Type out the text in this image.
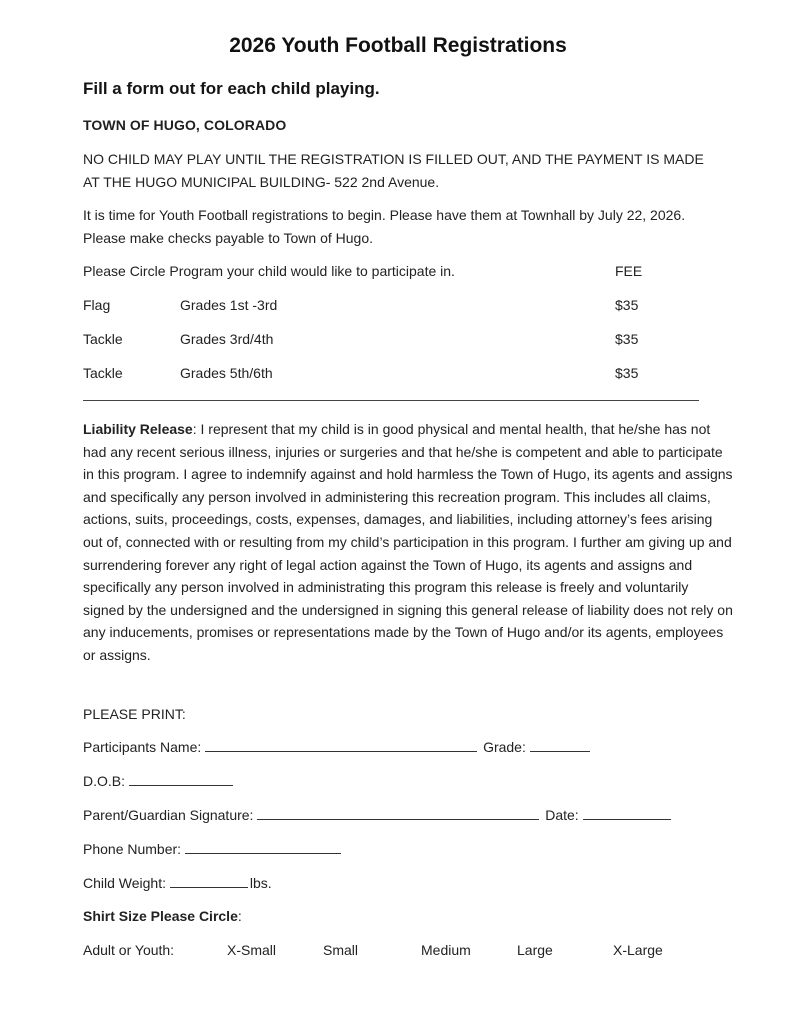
2026 Youth Football Registrations
Fill a form out for each child playing.
TOWN OF HUGO, COLORADO
NO CHILD MAY PLAY UNTIL THE REGISTRATION IS FILLED OUT, AND THE PAYMENT IS MADE AT THE HUGO MUNICIPAL BUILDING- 522 2nd Avenue.
It is time for Youth Football registrations to begin. Please have them at Townhall by July 22, 2026. Please make checks payable to Town of Hugo.
Please Circle Program your child would like to participate in.	FEE
Flag	Grades 1st -3rd	$35
Tackle	Grades 3rd/4th	$35
Tackle	Grades 5th/6th	$35
Liability Release: I represent that my child is in good physical and mental health, that he/she has not had any recent serious illness, injuries or surgeries and that he/she is competent and able to participate in this program. I agree to indemnify against and hold harmless the Town of Hugo, its agents and assigns and specifically any person involved in administering this recreation program. This includes all claims, actions, suits, proceedings, costs, expenses, damages, and liabilities, including attorney’s fees arising out of, connected with or resulting from my child’s participation in this program. I further am giving up and surrendering forever any right of legal action against the Town of Hugo, its agents and assigns and specifically any person involved in administrating this program this release is freely and voluntarily signed by the undersigned and the undersigned in signing this general release of liability does not rely on any inducements, promises or representations made by the Town of Hugo and/or its agents, employees or assigns.
PLEASE PRINT:
Participants Name:	Grade:
D.O.B:
Parent/Guardian Signature:	Date:
Phone Number:
Child Weight:	lbs.
Shirt Size Please Circle:
Adult or Youth:	X-Small	Small	Medium	Large	X-Large
